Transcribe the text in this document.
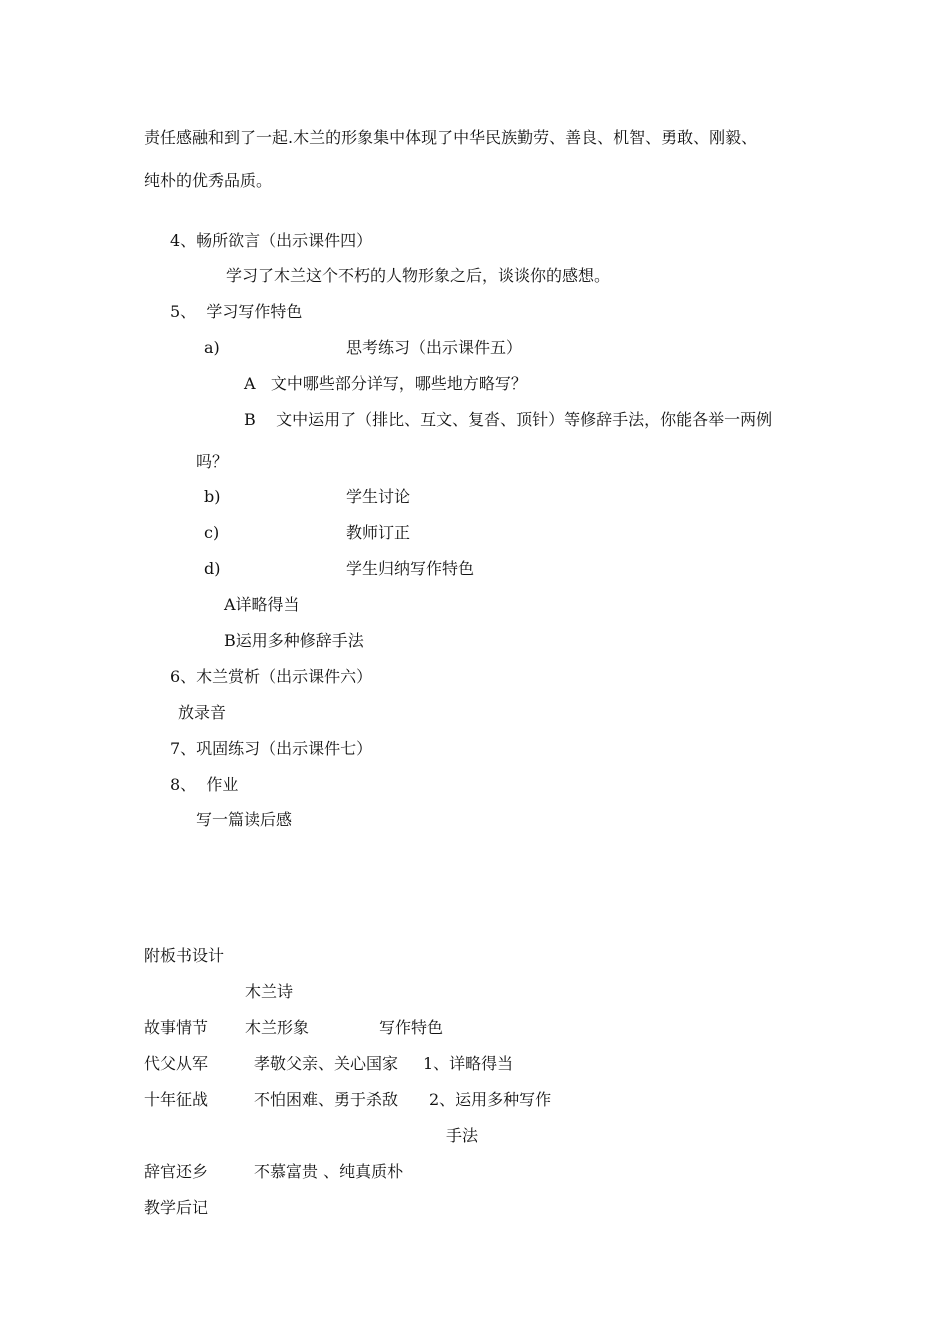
责任感融和到了一起.木兰的形象集中体现了中华民族勤劳、善良、机智、勇敢、刚毅、
纯朴的优秀品质。
4、畅所欲言（出示课件四）
学习了木兰这个不朽的人物形象之后，谈谈你的感想。
5、  学习写作特色
a)	思考练习（出示课件五）
A   文中哪些部分详写，哪些地方略写？
B    文中运用了（排比、互文、复沓、顶针）等修辞手法，你能各举一两例
吗？
b)	学生讨论
c)	教师订正
d)	学生归纳写作特色
A详略得当
B运用多种修辞手法
6、木兰赏析（出示课件六）
放录音
7、巩固练习（出示课件七）
8、  作业
写一篇读后感
附板书设计
木兰诗
故事情节 木兰形象	写作特色
代父从军	孝敬父亲、关心国家 1、详略得当
十年征战	不怕困难、勇于杀敌 2、运用多种写作
手法
辞官还乡	不慕富贵 、纯真质朴
教学后记
